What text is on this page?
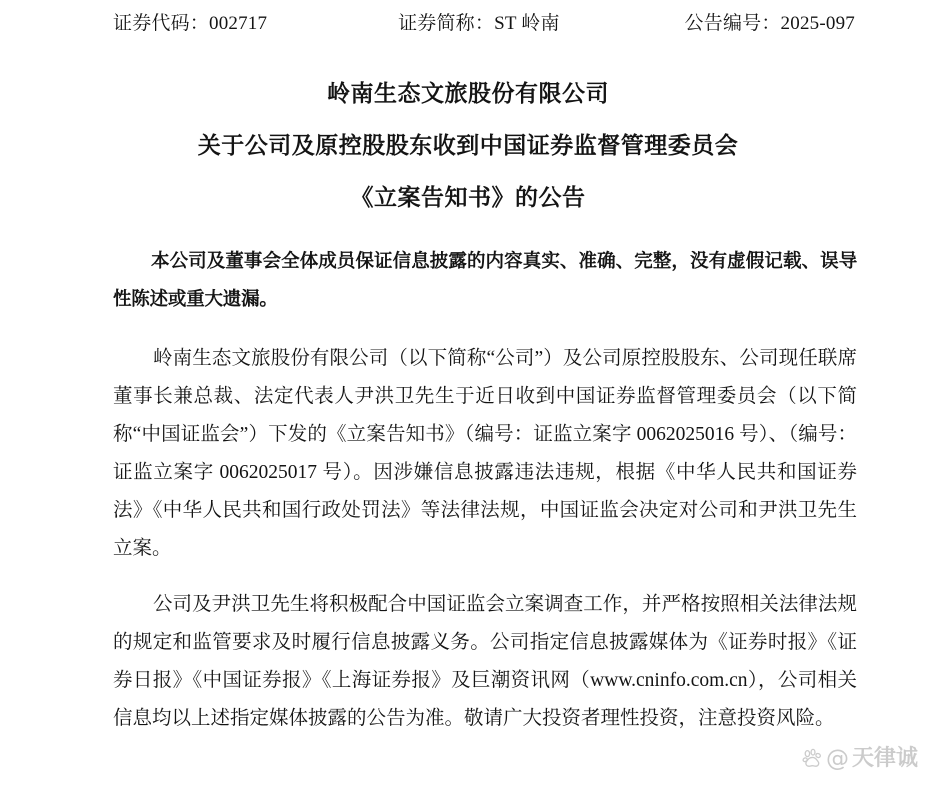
证券代码：002717	证券简称：ST 岭南	公告编号：2025-097
岭南生态文旅股份有限公司
关于公司及原控股股东收到中国证券监督管理委员会
《立案告知书》的公告
本公司及董事会全体成员保证信息披露的内容真实、准确、完整，没有虚假记载、误导性陈述或重大遗漏。

岭南生态文旅股份有限公司（以下简称“公司”）及公司原控股股东、公司现任联席董事长兼总裁、法定代表人尹洪卫先生于近日收到中国证券监督管理委员会（以下简称“中国证监会”）下发的《立案告知书》（编号：证监立案字 0062025016 号）、（编号：证监立案字 0062025017 号）。因涉嫌信息披露违法违规，根据《中华人民共和国证券法》《中华人民共和国行政处罚法》等法律法规，中国证监会决定对公司和尹洪卫先生立案。

公司及尹洪卫先生将积极配合中国证监会立案调查工作，并严格按照相关法律法规的规定和监管要求及时履行信息披露义务。公司指定信息披露媒体为《证券时报》《证券日报》《中国证券报》《上海证券报》及巨潮资讯网（www.cninfo.com.cn），公司相关信息均以上述指定媒体披露的公告为准。敬请广大投资者理性投资，注意投资风险。

@ 天律诚
